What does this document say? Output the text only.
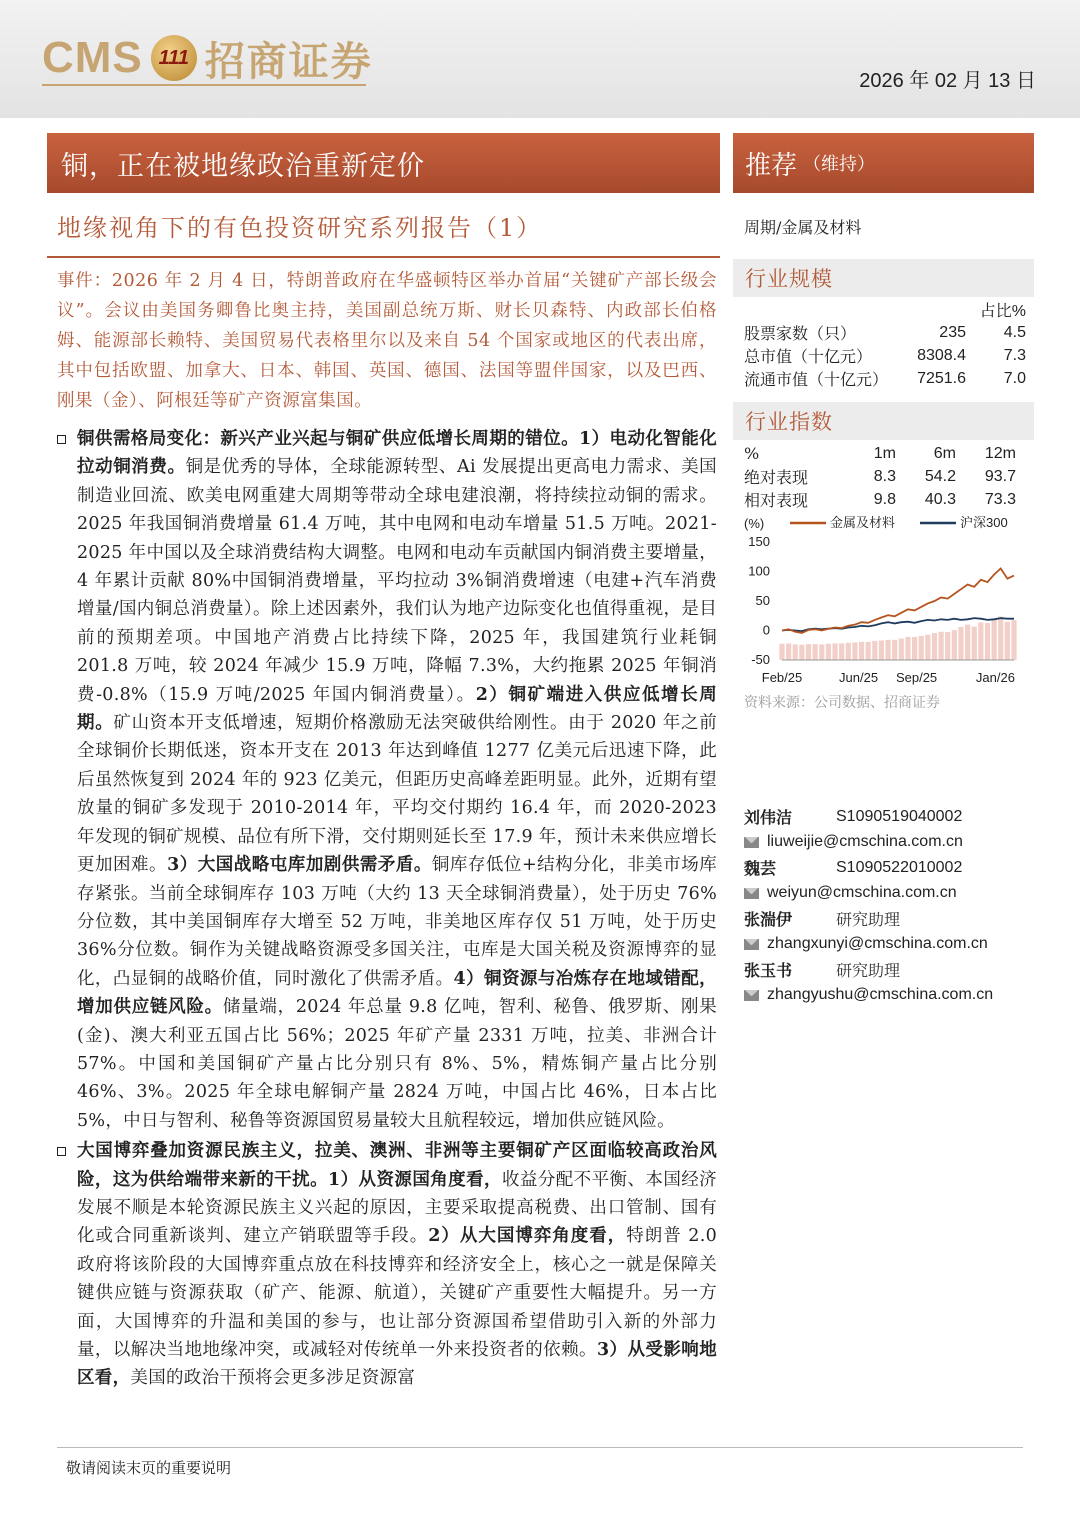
CMS 111 招商证券	2026 年 02 月 13 日
铜，正在被地缘政治重新定价	推荐 （维持）
地缘视角下的有色投资研究系列报告（1）
事件：2026 年 2 月 4 日，特朗普政府在华盛顿特区举办首届“关键矿产部长级会议”。会议由美国务卿鲁比奥主持，美国副总统万斯、财长贝森特、内政部长伯格姆、能源部长赖特、美国贸易代表格里尔以及来自 54 个国家或地区的代表出席，其中包括欧盟、加拿大、日本、韩国、英国、德国、法国等盟伴国家，以及巴西、刚果（金）、阿根廷等矿产资源富集国。
铜供需格局变化：新兴产业兴起与铜矿供应低增长周期的错位。1）电动化智能化拉动铜消费。铜是优秀的导体，全球能源转型、Ai 发展提出更高电力需求、美国制造业回流、欧美电网重建大周期等带动全球电建浪潮，将持续拉动铜的需求。2025 年我国铜消费增量 61.4 万吨，其中电网和电动车增量 51.5 万吨。2021-2025 年中国以及全球消费结构大调整。电网和电动车贡献国内铜消费主要增量，4 年累计贡献 80%中国铜消费增量，平均拉动 3%铜消费增速（电建+汽车消费增量/国内铜总消费量）。除上述因素外，我们认为地产边际变化也值得重视，是目前的预期差项。中国地产消费占比持续下降，2025 年，我国建筑行业耗铜 201.8 万吨，较 2024 年减少 15.9 万吨，降幅 7.3%，大约拖累 2025 年铜消费-0.8%（15.9 万吨/2025 年国内铜消费量）。2）铜矿端进入供应低增长周期。矿山资本开支低增速，短期价格激励无法突破供给刚性。由于 2020 年之前全球铜价长期低迷，资本开支在 2013 年达到峰值 1277 亿美元后迅速下降，此后虽然恢复到 2024 年的 923 亿美元，但距历史高峰差距明显。此外，近期有望放量的铜矿多发现于 2010-2014 年，平均交付期约 16.4 年，而 2020-2023 年发现的铜矿规模、品位有所下滑，交付期则延长至 17.9 年，预计未来供应增长更加困难。3）大国战略屯库加剧供需矛盾。铜库存低位+结构分化，非美市场库存紧张。当前全球铜库存 103 万吨（大约 13 天全球铜消费量），处于历史 76%分位数，其中美国铜库存大增至 52 万吨，非美地区库存仅 51 万吨，处于历史 36%分位数。铜作为关键战略资源受多国关注，屯库是大国关税及资源博弈的显化，凸显铜的战略价值，同时激化了供需矛盾。4）铜资源与冶炼存在地域错配，增加供应链风险。储量端，2024 年总量 9.8 亿吨，智利、秘鲁、俄罗斯、刚果(金)、澳大利亚五国占比 56%；2025 年矿产量 2331 万吨，拉美、非洲合计 57%。中国和美国铜矿产量占比分别只有 8%、5%，精炼铜产量占比分别 46%、3%。2025 年全球电解铜产量 2824 万吨，中国占比 46%，日本占比 5%，中日与智利、秘鲁等资源国贸易量较大且航程较远，增加供应链风险。
大国博弈叠加资源民族主义，拉美、澳洲、非洲等主要铜矿产区面临较高政治风险，这为供给端带来新的干扰。1）从资源国角度看，收益分配不平衡、本国经济发展不顺是本轮资源民族主义兴起的原因，主要采取提高税费、出口管制、国有化或合同重新谈判、建立产销联盟等手段。2）从大国博弈角度看，特朗普 2.0 政府将该阶段的大国博弈重点放在科技博弈和经济安全上，核心之一就是保障关键供应链与资源获取（矿产、能源、航道），关键矿产重要性大幅提升。另一方面，大国博弈的升温和美国的参与，也让部分资源国希望借助引入新的外部力量，以解决当地地缘冲突，或减轻对传统单一外来投资者的依赖。3）从受影响地区看，美国的政治干预将会更多涉足资源富
周期/金属及材料
行业规模
		占比%
股票家数（只）	235	4.5
总市值（十亿元）	8308.4	7.3
流通市值（十亿元）	7251.6	7.0
行业指数
%	1m	6m	12m
绝对表现	8.3	54.2	93.7
相对表现	9.8	40.3	73.3
(%)	金属及材料	沪深300
150
100
50
0
-50
Feb/25	Jun/25 Sep/25	Jan/26
资料来源：公司数据、招商证券
刘伟洁	S1090519040002
liuweijie@cmschina.com.cn
魏芸	S1090522010002
weiyun@cmschina.com.cn
张湍伊	研究助理
zhangxunyi@cmschina.com.cn
张玉书	研究助理
zhangyushu@cmschina.com.cn
敬请阅读末页的重要说明
